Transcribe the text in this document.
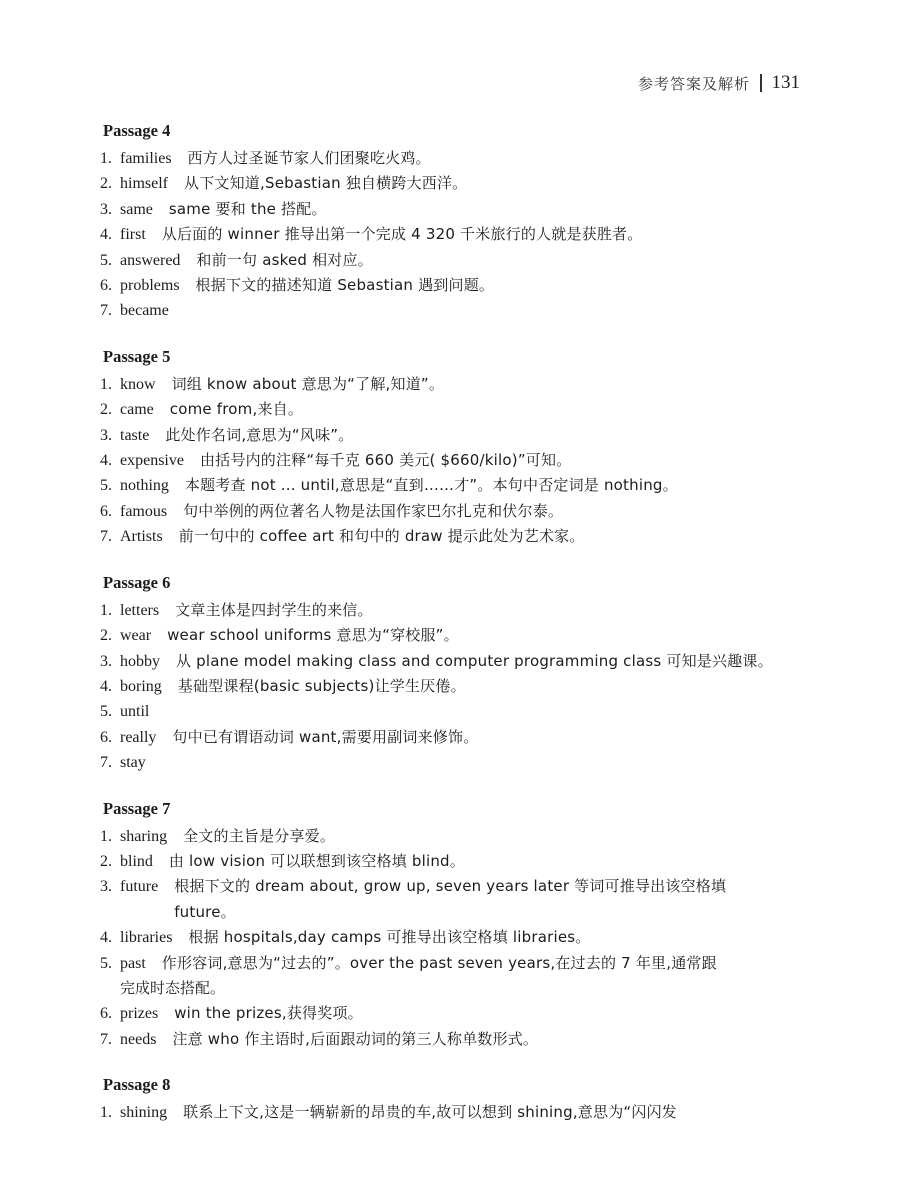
参考答案及解析 131
Passage 4
1. families 西方人过圣诞节家人们团聚吃火鸡。
2. himself 从下文知道,Sebastian 独自横跨大西洋。
3. same same 要和 the 搭配。
4. first 从后面的 winner 推导出第一个完成 4 320 千米旅行的人就是获胜者。
5. answered 和前一句 asked 相对应。
6. problems 根据下文的描述知道 Sebastian 遇到问题。
7. became
Passage 5
1. know 词组 know about 意思为“了解,知道”。
2. came come from,来自。
3. taste 此处作名词,意思为“风味”。
4. expensive 由括号内的注释“每千克 660 美元( $660/kilo)”可知。
5. nothing 本题考查 not ... until,意思是“直到……才”。本句中否定词是 nothing。
6. famous 句中举例的两位著名人物是法国作家巴尔扎克和伏尔泰。
7. Artists 前一句中的 coffee art 和句中的 draw 提示此处为艺术家。
Passage 6
1. letters 文章主体是四封学生的来信。
2. wear wear school uniforms 意思为“穿校服”。
3. hobby 从 plane model making class and computer programming class 可知是兴趣课。
4. boring 基础型课程(basic subjects)让学生厌倦。
5. until
6. really 句中已有谓语动词 want,需要用副词来修饰。
7. stay
Passage 7
1. sharing 全文的主旨是分享爱。
2. blind 由 low vision 可以联想到该空格填 blind。
3. future 根据下文的 dream about, grow up, seven years later 等词可推导出该空格填 future。
4. libraries 根据 hospitals,day camps 可推导出该空格填 libraries。
5. past 作形容词,意思为“过去的”。over the past seven years,在过去的 7 年里,通常跟
完成时态搭配。
6. prizes win the prizes,获得奖项。
7. needs 注意 who 作主语时,后面跟动词的第三人称单数形式。
Passage 8
1. shining 联系上下文,这是一辆崭新的昂贵的车,故可以想到 shining,意思为“闪闪发
